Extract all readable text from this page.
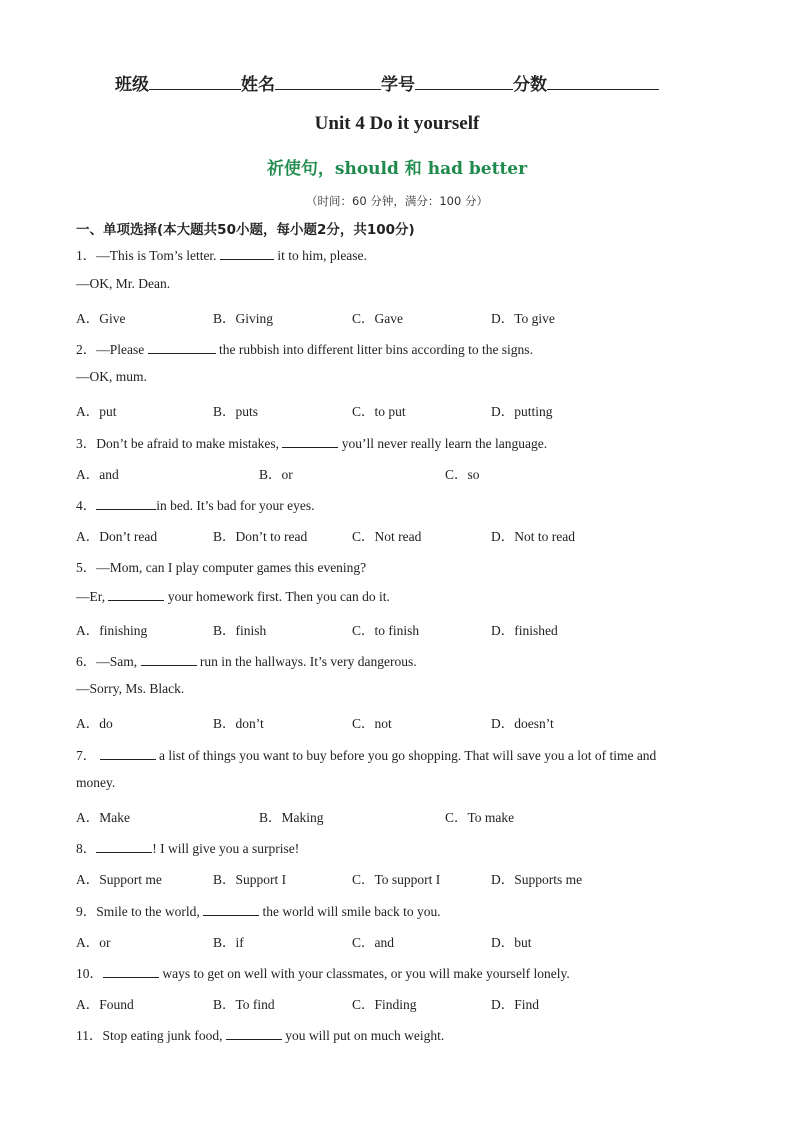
班级	姓名	学号	分数
Unit 4 Do it yourself
祈使句，should 和 had better
（时间：60 分钟，满分：100 分）
一、单项选择(本大题共50小题，每小题2分，共100分)
1．—This is Tom’s letter.	it to him, please.
—OK, Mr. Dean.
A．Give	B．Giving	C．Gave	D．To give
2．—Please	the rubbish into different litter bins according to the signs.
—OK, mum.
A．put	B．puts	C．to put	D．putting
3．Don’t be afraid to make mistakes,	you’ll never really learn the language.
A．and	B．or	C．so
4．	in bed. It’s bad for your eyes.
A．Don’t read	B．Don’t to read	C．Not read	D．Not to read
5．—Mom, can I play computer games this evening?
—Er,	your homework first. Then you can do it.
A．finishing	B．finish	C．to finish	D．finished
6．—Sam,	run in the hallways. It’s very dangerous.
—Sorry, Ms. Black.
A．do	B．don’t	C．not	D．doesn’t
7．	a list of things you want to buy before you go shopping. That will save you a lot of time and
money.
A．Make	B．Making	C．To make
8．	! I will give you a surprise!
A．Support me	B．Support I	C．To support I	D．Supports me
9．Smile to the world,	the world will smile back to you.
A．or	B．if	C．and	D．but
10．	ways to get on well with your classmates, or you will make yourself lonely.
A．Found	B．To find	C．Finding	D．Find
11．Stop eating junk food,	you will put on much weight.
